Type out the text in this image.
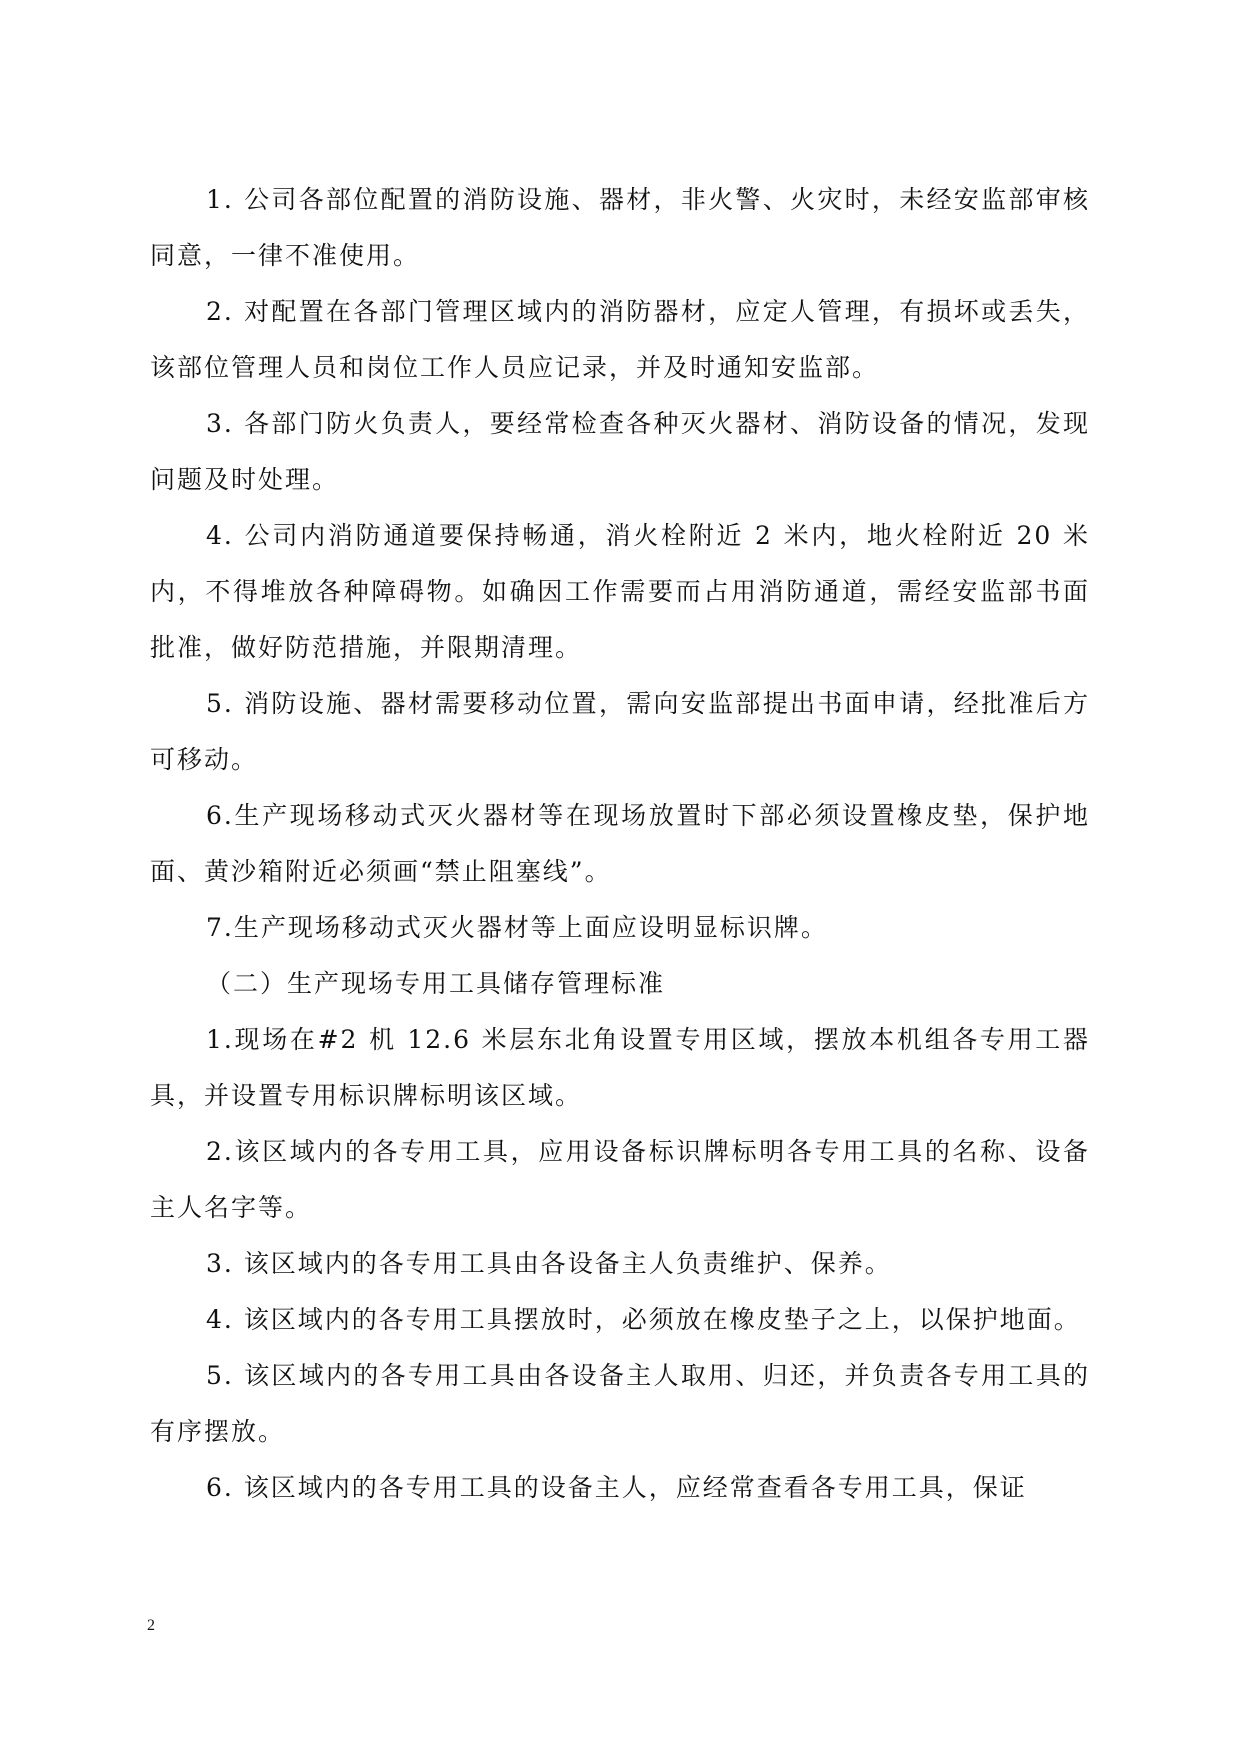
1. 公司各部位配置的消防设施、器材，非火警、火灾时，未经安监部审核同意，一律不准使用。

2. 对配置在各部门管理区域内的消防器材，应定人管理，有损坏或丢失，该部位管理人员和岗位工作人员应记录，并及时通知安监部。

3. 各部门防火负责人，要经常检查各种灭火器材、消防设备的情况，发现问题及时处理。

4. 公司内消防通道要保持畅通，消火栓附近 2 米内，地火栓附近 20 米内，不得堆放各种障碍物。如确因工作需要而占用消防通道，需经安监部书面批准，做好防范措施，并限期清理。

5. 消防设施、器材需要移动位置，需向安监部提出书面申请，经批准后方可移动。

6.生产现场移动式灭火器材等在现场放置时下部必须设置橡皮垫，保护地面、黄沙箱附近必须画“禁止阻塞线”。

7.生产现场移动式灭火器材等上面应设明显标识牌。

（二）生产现场专用工具储存管理标准

1.现场在#2 机 12.6 米层东北角设置专用区域，摆放本机组各专用工器具，并设置专用标识牌标明该区域。

2.该区域内的各专用工具，应用设备标识牌标明各专用工具的名称、设备主人名字等。

3. 该区域内的各专用工具由各设备主人负责维护、保养。

4. 该区域内的各专用工具摆放时，必须放在橡皮垫子之上，以保护地面。

5. 该区域内的各专用工具由各设备主人取用、归还，并负责各专用工具的有序摆放。

6. 该区域内的各专用工具的设备主人，应经常查看各专用工具，保证

2
